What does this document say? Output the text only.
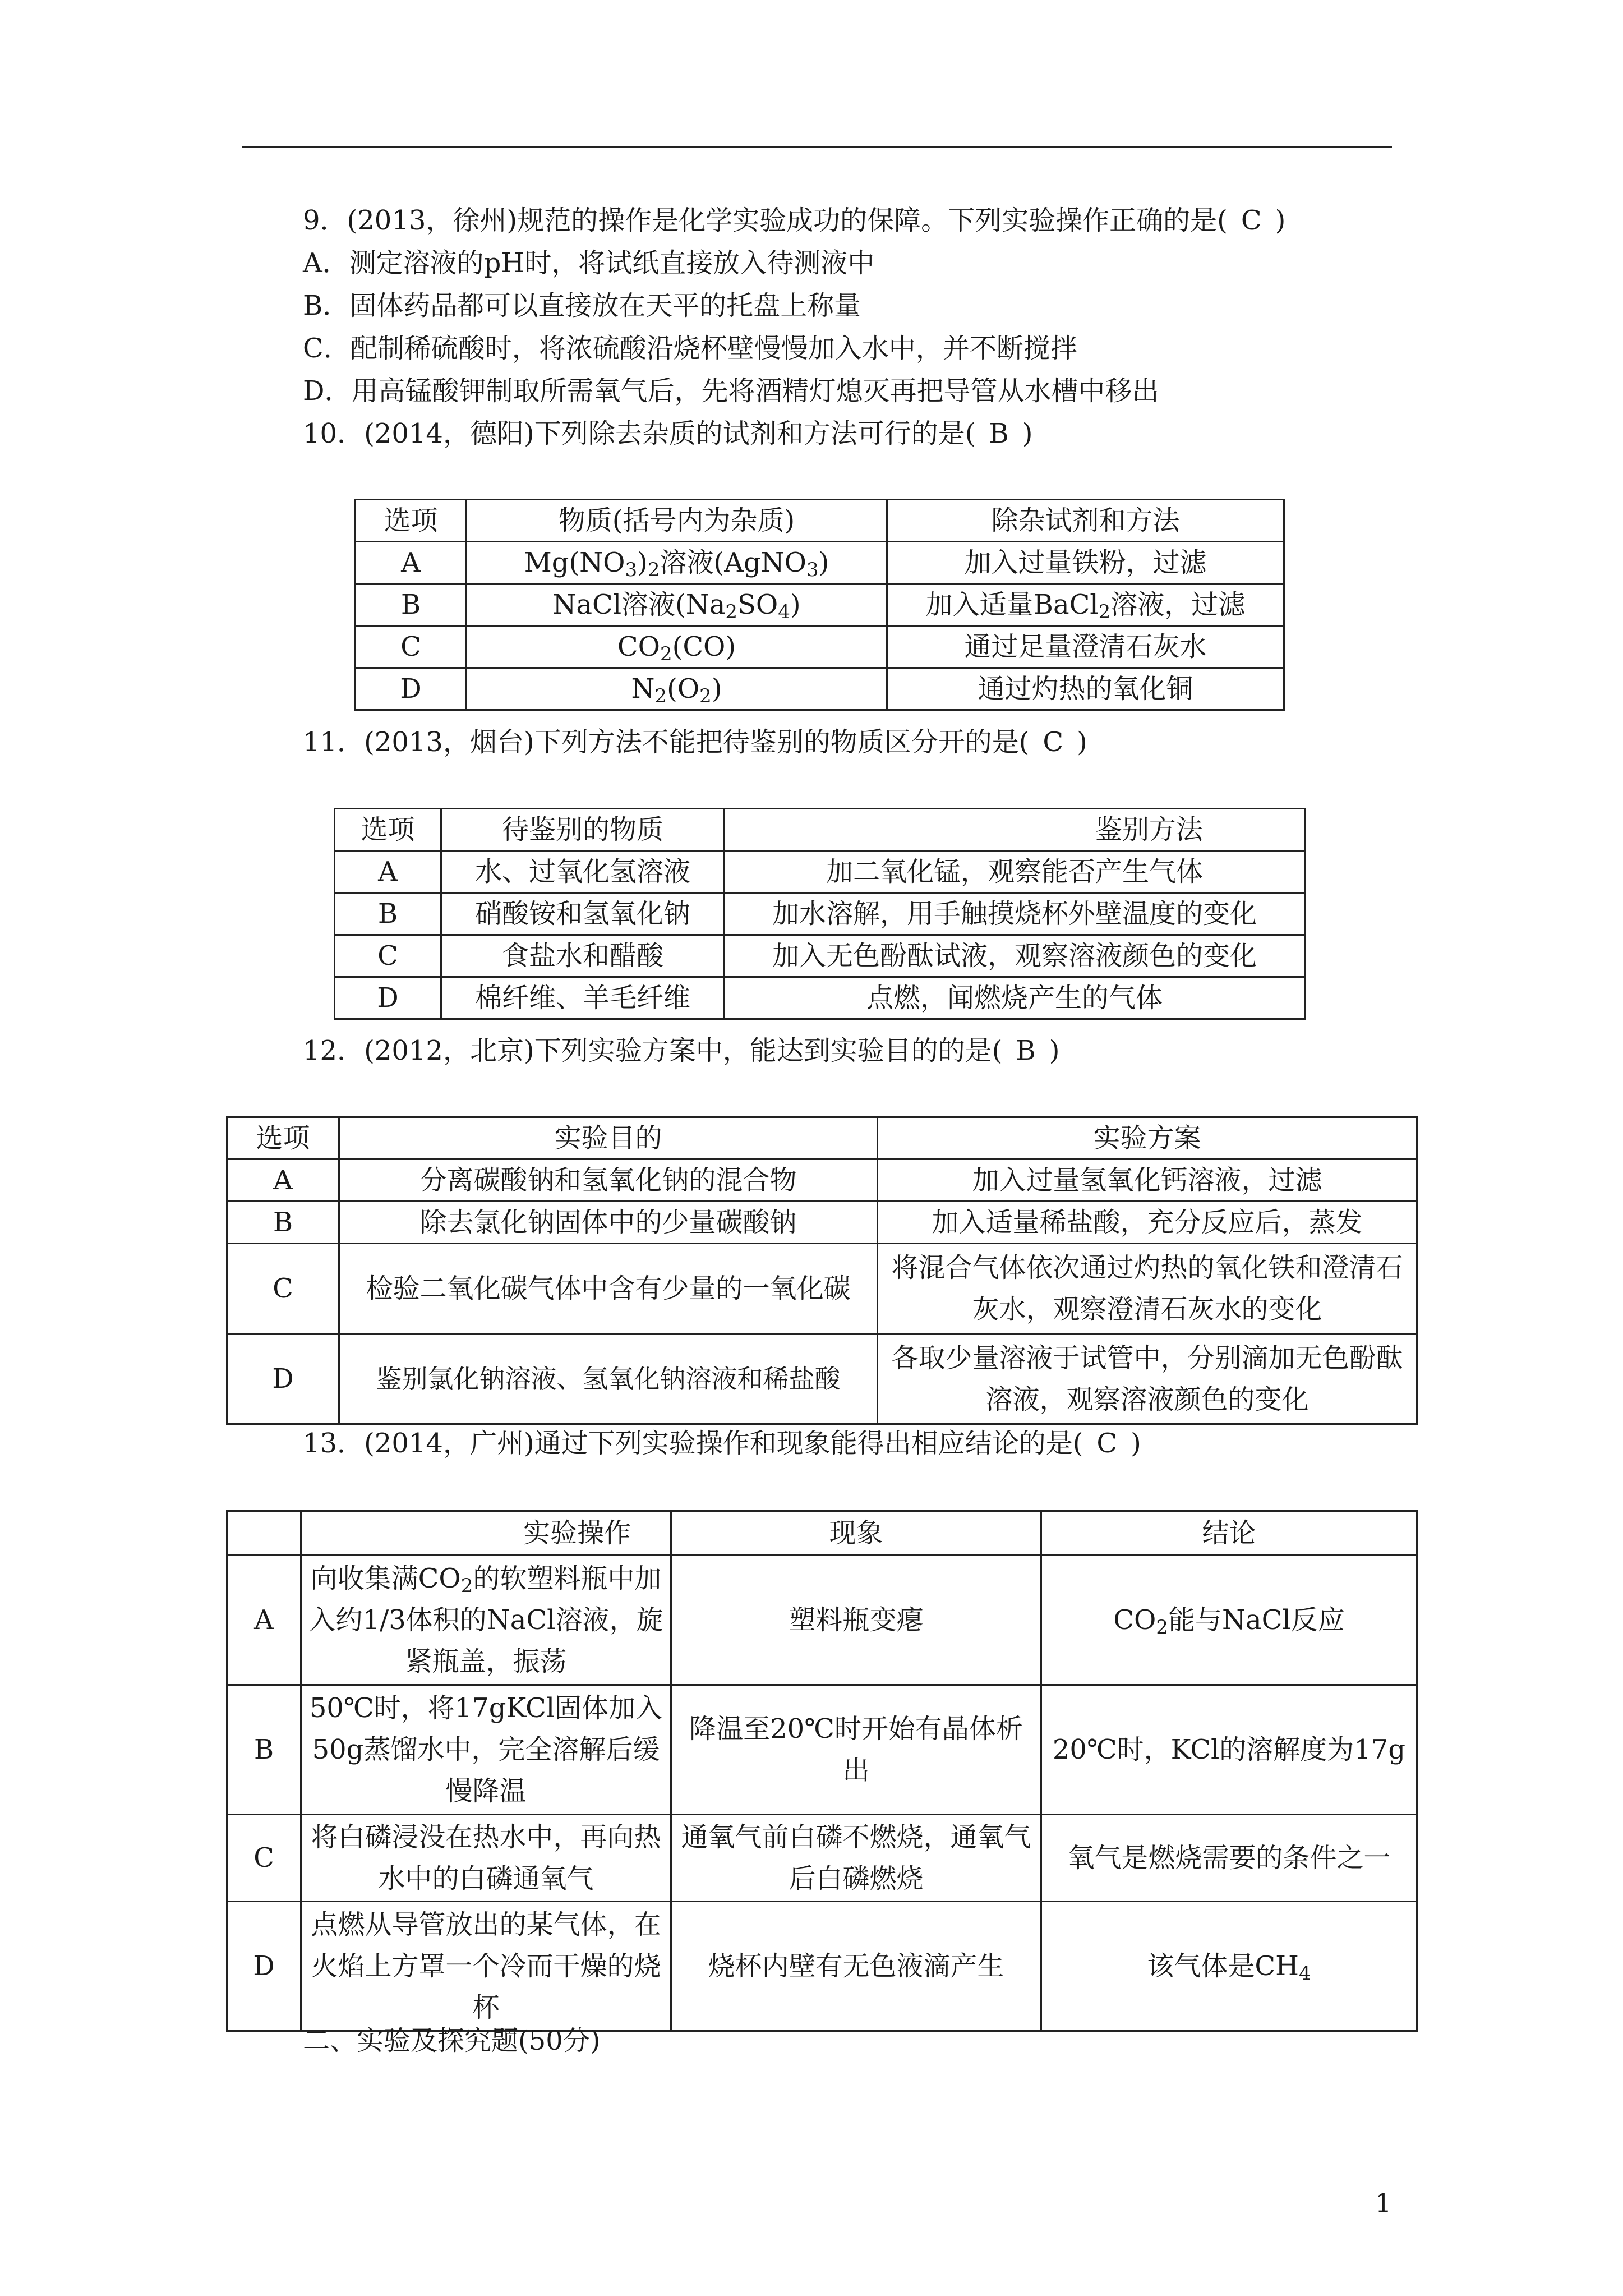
9．(2013，徐州)规范的操作是化学实验成功的保障。下列实验操作正确的是( C )
A．测定溶液的pH时，将试纸直接放入待测液中
B．固体药品都可以直接放在天平的托盘上称量
C．配制稀硫酸时，将浓硫酸沿烧杯壁慢慢加入水中，并不断搅拌
D．用高锰酸钾制取所需氧气后，先将酒精灯熄灭再把导管从水槽中移出
10．(2014，德阳)下列除去杂质的试剂和方法可行的是( B )
选项	物质(括号内为杂质)	除杂试剂和方法
A	$Mg(NO_3)_2$溶液(AgNO$_3$)	加入过量铁粉，过滤
B	NaCl溶液$(Na_2SO_4)$	加入适量BaCl$_2$溶液，过滤
C	$CO_2(CO)$	通过足量澄清石灰水
D	$N_2(O_2)$	通过灼热的氧化铜
11．(2013，烟台)下列方法不能把待鉴别的物质区分开的是( C )
选项	待鉴别的物质	鉴别方法
A	水、过氧化氢溶液	加二氧化锰，观察能否产生气体
B	硝酸铵和氢氧化钠	加水溶解，用手触摸烧杯外壁温度的变化
C	食盐水和醋酸	加入无色酚酞试液，观察溶液颜色的变化
D	棉纤维、羊毛纤维	点燃，闻燃烧产生的气体
12．(2012，北京)下列实验方案中，能达到实验目的的是( B )
选项	实验目的	实验方案
A	分离碳酸钠和氢氧化钠的混合物	加入过量氢氧化钙溶液，过滤
B	除去氯化钠固体中的少量碳酸钠	加入适量稀盐酸，充分反应后，蒸发
C	检验二氧化碳气体中含有少量的一氧化碳	将混合气体依次通过灼热的氧化铁和澄清石灰水，观察澄清石灰水的变化
D	鉴别氯化钠溶液、氢氧化钠溶液和稀盐酸	各取少量溶液于试管中，分别滴加无色酚酞溶液，观察溶液颜色的变化
13．(2014，广州)通过下列实验操作和现象能得出相应结论的是( C )
	实验操作	现象	结论
A	向收集满$CO_2$的软塑料瓶中加入约1/3体积的NaCl溶液，旋紧瓶盖，振荡	塑料瓶变瘪	$CO_2$能与NaCl反应
B	50℃时，将17gKCl固体加入50g蒸馏水中，完全溶解后缓慢降温	降温至20℃时开始有晶体析出	20℃时，KCl的溶解度为17g
C	将白磷浸没在热水中，再向热水中的白磷通氧气	通氧气前白磷不燃烧，通氧气后白磷燃烧	氧气是燃烧需要的条件之一
D	点燃从导管放出的某气体，在火焰上方罩一个冷而干燥的烧杯	烧杯内壁有无色液滴产生	该气体是$CH_4$
二、实验及探究题(50分)
1
